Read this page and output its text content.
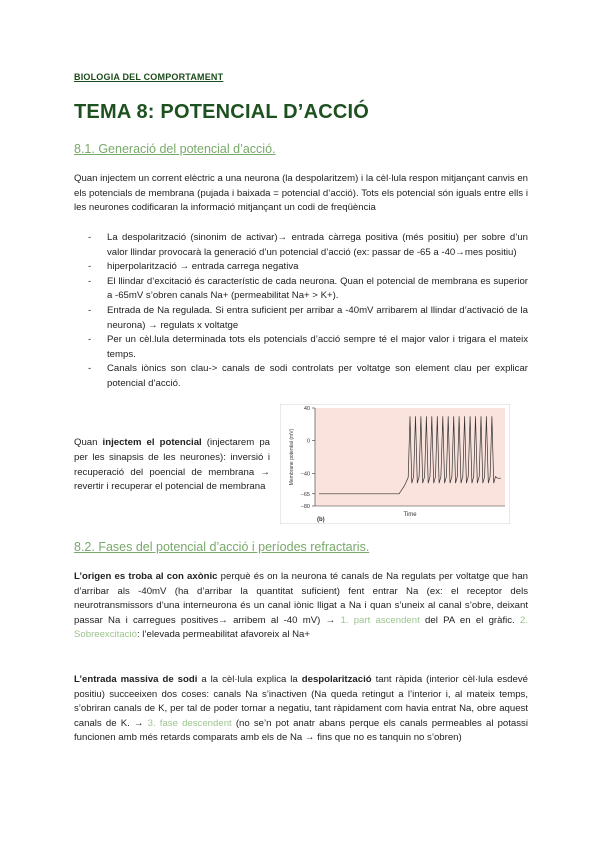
BIOLOGIA DEL COMPORTAMENT
TEMA 8: POTENCIAL D’ACCIÓ
8.1. Generació del potencial d’acció.

Quan injectem un corrent elèctric a una neurona (la despolaritzem) i la cèl·lula respon mitjançant canvis en els potencials de membrana (pujada i baixada = potencial d’acció). Tots els potencial són iguals entre ells i les neurones codificaran la informació mitjançant un codi de freqüència

- La despolarització (sinonim de activar)→ entrada càrrega positiva (més positiu) per sobre d’un valor llindar provocarà la generació d’un potencial d’acció (ex: passar de -65 a -40→mes positiu)
- hiperpolarització → entrada carrega negativa
- El llindar d’excitació és característic de cada neurona. Quan el potencial de membrana es superior a -65mV s’obren canals Na+ (permeabilitat Na+ > K+).
- Entrada de Na regulada. Si entra suficient per arribar a -40mV arribarem al llindar d’activació de la neurona) → regulats x voltatge
- Per un cèl.lula determinada tots els potencials d’acció sempre té el major valor i trigara el mateix temps.
- Canals iònics son clau-> canals de sodi controlats per voltatge son element clau per explicar potencial d’acció.

Quan injectem el potencial (injectarem pa per les sinapsis de les neurones): inversió i recuperació del poencial de membrana → revertir i recuperar el potencial de membrana

40
0
−40
−65
−80
Membrane potential (mV)
Time
(b)
8.2. Fases del potencial d’acció i períodes refractaris.

L’origen es troba al con axònic perquè és on la neurona té canals de Na regulats per voltatge que han d’arribar als -40mV (ha d’arribar la quantitat suficient) fent entrar Na (ex: el receptor dels neurotransmissors d’una interneurona és un canal iònic lligat a Na i quan s’uneix al canal s’obre, deixant passar Na i carregues positives→ arribem al -40 mV) → 1. part ascendent del PA en el gràfic. 2. Sobreexcitació: l’elevada permeabilitat afavoreix al Na+

L’entrada massiva de sodi a la cèl·lula explica la despolarització tant ràpida (interior cèl·lula esdevé positiu) succeeixen dos coses: canals Na s’inactiven (Na queda retingut a l’interior i, al mateix temps, s’obriran canals de K, per tal de poder tornar a negatiu, tant ràpidament com havia entrat Na, obre aquest canals de K. → 3. fase descendent (no se’n pot anatr abans perque els canals permeables al potassi funcionen amb més retards comparats amb els de Na → fins que no es tanquin no s’obren)
